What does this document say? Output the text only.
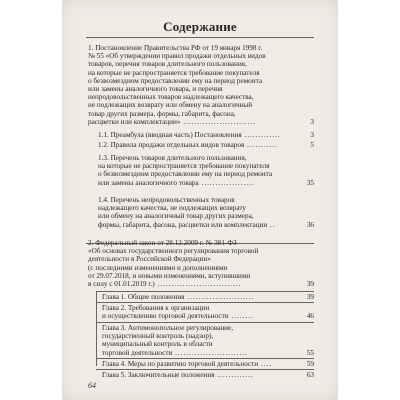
Содержание
1. Постановление Правительства РФ от 19 января 1998 г.
№ 55 «Об утверждении правил продажи отдельных видов
товаров, перечня товаров длительного пользования,
на которые не распространяется требование покупателя
о безвозмездном предоставлении ему на период ремонта
или замены аналогичного товара, и перечня
непродовольственных товаров надлежащего качества,
не подлежащих возврату или обмену на аналогичный
товар других размера, формы, габарита, фасона,
расцветки или комплектации» ..........................	3
1.1. Преамбула (вводная часть) Постановления .............	3
1.2. Правила продажи отдельных видов товаров ...........	5
1.3. Перечень товаров длительного пользования,
на которые не распространяется требование покупателя
о безвозмездном предоставлении ему на период ремонта
или замены аналогичного товара ...................	35
1.4. Перечень непродовольственных товаров
надлежащего качества, не подлежащих возврату
или обмену на аналогичный товар других размера,
формы, габарита, фасона, расцветки или комплектации ..	36
2. Федеральный закон от 28.12.2009 г. № 381-ФЗ
«Об основах государственного регулирования торговой
деятельности в Российской Федерации»
(с последними изменениями и дополнениями
от 29.07.2018, и новыми изменениями, вступившими
в силу с 01.01.2019 г.) ..............................	39
Глава 1. Общие положения ........................	39
Глава 2. Требования к организации
и осуществлению торговой деятельности ........	46
Глава 3. Антимонопольное регулирование,
государственный контроль (надзор),
муниципальный контроль в области
торговой деятельности ..........................	55
Глава 4. Меры по развитию торговой деятельности ....	59
Глава 5. Заключительные положения .............	63
64
